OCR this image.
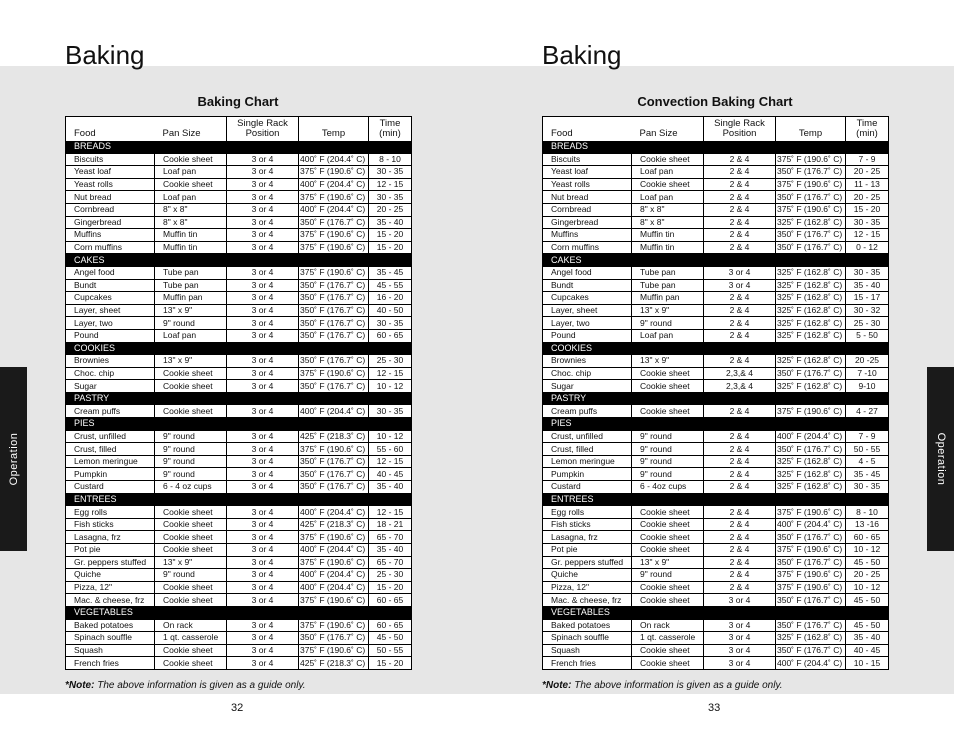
Baking
Baking Chart
Food	Pan Size	Single Rack Position	Temp	Time (min)
BREADS				
Biscuits	Cookie sheet	3 or 4	400˚ F (204.4˚ C)	8 - 10
Yeast loaf	Loaf pan	3 or 4	375˚ F (190.6˚ C)	30 - 35
Yeast rolls	Cookie sheet	3 or 4	400˚ F (204.4˚ C)	12 - 15
Nut bread	Loaf pan	3 or 4	375˚ F (190.6˚ C)	30 - 35
Cornbread	8" x 8"	3 or 4	400˚ F (204.4˚ C)	20 - 25
Gingerbread	8" x 8"	3 or 4	350˚ F (176.7˚ C)	35 - 40
Muffins	Muffin tin	3 or 4	375˚ F (190.6˚ C)	15 - 20
Corn muffins	Muffin tin	3 or 4	375˚ F (190.6˚ C)	15 - 20
CAKES				
Angel food	Tube pan	3 or 4	375˚ F (190.6˚ C)	35 - 45
Bundt	Tube pan	3 or 4	350˚ F (176.7˚ C)	45 - 55
Cupcakes	Muffin pan	3 or 4	350˚ F (176.7˚ C)	16 - 20
Layer, sheet	13" x 9"	3 or 4	350˚ F (176.7˚ C)	40 - 50
Layer, two	9" round	3 or 4	350˚ F (176.7˚ C)	30 - 35
Pound	Loaf pan	3 or 4	350˚ F (176.7˚ C)	60 - 65
COOKIES				
Brownies	13" x 9"	3 or 4	350˚ F (176.7˚ C)	25 - 30
Choc. chip	Cookie sheet	3 or 4	375˚ F (190.6˚ C)	12 - 15
Sugar	Cookie sheet	3 or 4	350˚ F (176.7˚ C)	10 - 12
PASTRY				
Cream puffs	Cookie sheet	3 or 4	400˚ F (204.4˚ C)	30 - 35
PIES				
Crust, unfilled	9" round	3 or 4	425˚ F (218.3˚ C)	10 - 12
Crust, filled	9" round	3 or 4	375˚ F (190.6˚ C)	55 - 60
Lemon meringue	9" round	3 or 4	350˚ F (176.7˚ C)	12 - 15
Pumpkin	9" round	3 or 4	350˚ F (176.7˚ C)	40 - 45
Custard	6 - 4 oz cups	3 or 4	350˚ F (176.7˚ C)	35 - 40
ENTREES				
Egg rolls	Cookie sheet	3 or 4	400˚ F (204.4˚ C)	12 - 15
Fish sticks	Cookie sheet	3 or 4	425˚ F (218.3˚ C)	18 - 21
Lasagna, frz	Cookie sheet	3 or 4	375˚ F (190.6˚ C)	65 - 70
Pot pie	Cookie sheet	3 or 4	400˚ F (204.4˚ C)	35 - 40
Gr. peppers stuffed	13" x 9"	3 or 4	375˚ F (190.6˚ C)	65 - 70
Quiche	9" round	3 or 4	400˚ F (204.4˚ C)	25 - 30
Pizza, 12"	Cookie sheet	3 or 4	400˚ F (204.4˚ C)	15 - 20
Mac. & cheese, frz	Cookie sheet	3 or 4	375˚ F (190.6˚ C)	60 - 65
VEGETABLES				
Baked potatoes	On rack	3 or 4	375˚ F (190.6˚ C)	60 - 65
Spinach souffle	1 qt. casserole	3 or 4	350˚ F (176.7˚ C)	45 - 50
Squash	Cookie sheet	3 or 4	375˚ F (190.6˚ C)	50 - 55
French fries	Cookie sheet	3 or 4	425˚ F (218.3˚ C)	15 - 20
*Note: The above information is given as a guide only.
32
Operation
Baking
Convection Baking Chart
Food	Pan Size	Single Rack Position	Temp	Time (min)
BREADS				
Biscuits	Cookie sheet	2 & 4	375˚ F (190.6˚ C)	7 - 9
Yeast loaf	Loaf pan	2 & 4	350˚ F (176.7˚ C)	20 - 25
Yeast rolls	Cookie sheet	2 & 4	375˚ F (190.6˚ C)	11 - 13
Nut bread	Loaf pan	2 & 4	350˚ F (176.7˚ C)	20 - 25
Cornbread	8" x 8"	2 & 4	375˚ F (190.6˚ C)	15 - 20
Gingerbread	8" x 8"	2 & 4	325˚ F (162.8˚ C)	30 - 35
Muffins	Muffin tin	2 & 4	350˚ F (176.7˚ C)	12 - 15
Corn muffins	Muffin tin	2 & 4	350˚ F (176.7˚ C)	0 - 12
CAKES				
Angel food	Tube pan	3 or 4	325˚ F (162.8˚ C)	30 - 35
Bundt	Tube pan	3 or 4	325˚ F (162.8˚ C)	35 - 40
Cupcakes	Muffin pan	2 & 4	325˚ F (162.8˚ C)	15 - 17
Layer, sheet	13" x 9"	2 & 4	325˚ F (162.8˚ C)	30 - 32
Layer, two	9" round	2 & 4	325˚ F (162.8˚ C)	25 - 30
Pound	Loaf pan	2 & 4	325˚ F (162.8˚ C)	5 - 50
COOKIES				
Brownies	13" x 9"	2 & 4	325˚ F (162.8˚ C)	20 -25
Choc. chip	Cookie sheet	2,3,& 4	350˚ F (176.7˚ C)	7 -10
Sugar	Cookie sheet	2,3,& 4	325˚ F (162.8˚ C)	9-10
PASTRY				
Cream puffs	Cookie sheet	2 & 4	375˚ F (190.6˚ C)	4 - 27
PIES				
Crust, unfilled	9" round	2 & 4	400˚ F (204.4˚ C)	7 - 9
Crust, filled	9" round	2 & 4	350˚ F (176.7˚ C)	50 - 55
Lemon meringue	9" round	2 & 4	325˚ F (162.8˚ C)	4 - 5
Pumpkin	9" round	2 & 4	325˚ F (162.8˚ C)	35 - 45
Custard	6 - 4oz cups	2 & 4	325˚ F (162.8˚ C)	30 - 35
ENTREES				
Egg rolls	Cookie sheet	2 & 4	375˚ F (190.6˚ C)	8 - 10
Fish sticks	Cookie sheet	2 & 4	400˚ F (204.4˚ C)	13 -16
Lasagna, frz	Cookie sheet	2 & 4	350˚ F (176.7˚ C)	60 - 65
Pot pie	Cookie sheet	2 & 4	375˚ F (190.6˚ C)	10 - 12
Gr. peppers stuffed	13" x 9"	2 & 4	350˚ F (176.7˚ C)	45 - 50
Quiche	9" round	2 & 4	375˚ F (190.6˚ C)	20 - 25
Pizza, 12"	Cookie sheet	2 & 4	375˚ F (190.6˚ C)	10 - 12
Mac. & cheese, frz	Cookie sheet	3 or 4	350˚ F (176.7˚ C)	45 - 50
VEGETABLES				
Baked potatoes	On rack	3 or 4	350˚ F (176.7˚ C)	45 - 50
Spinach souffle	1 qt. casserole	3 or 4	325˚ F (162.8˚ C)	35 - 40
Squash	Cookie sheet	3 or 4	350˚ F (176.7˚ C)	40 - 45
French fries	Cookie sheet	3 or 4	400˚ F (204.4˚ C)	10 - 15
*Note: The above information is given as a guide only.
33
Operation
